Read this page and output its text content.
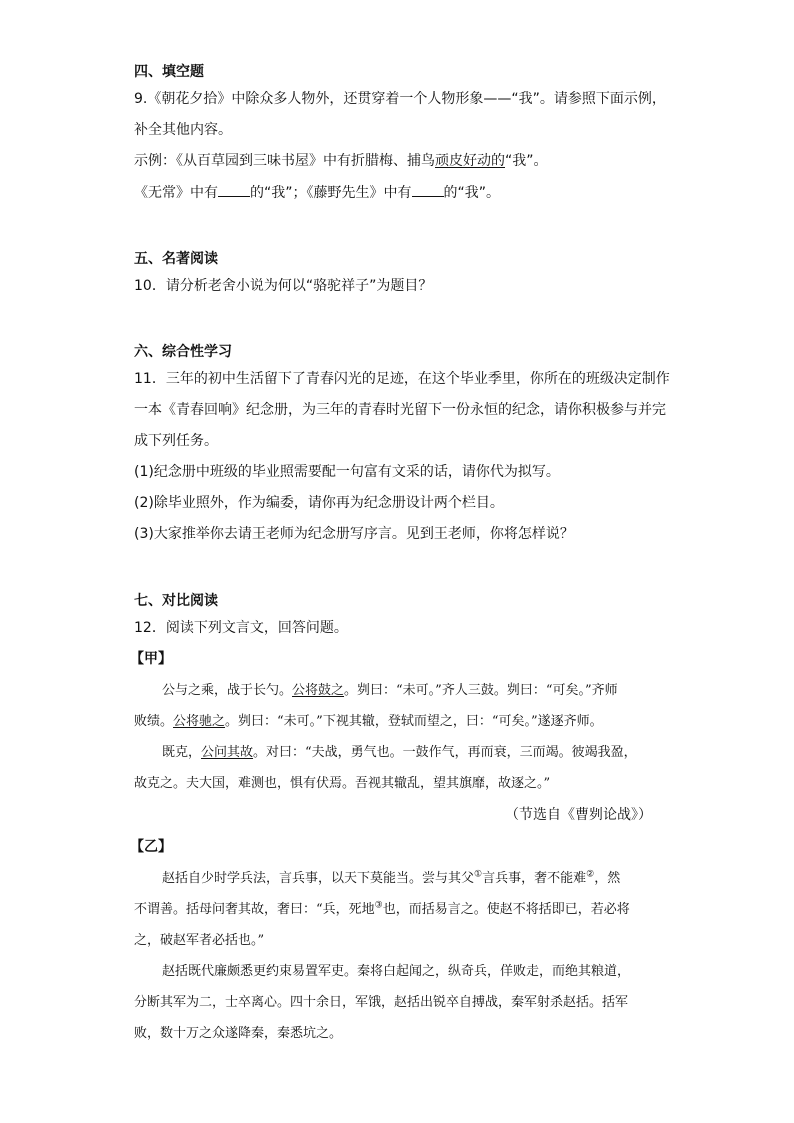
四、填空题
9.《朝花夕拾》中除众多人物外，还贯穿着一个人物形象——“我”。请参照下面示例，
补全其他内容。
示例：《从百草园到三味书屋》中有折腊梅、捕鸟顽皮好动的“我”。
《无常》中有 的“我”；《藤野先生》中有 的“我”。
五、名著阅读
10．请分析老舍小说为何以“骆驼祥子”为题目？
六、综合性学习
11．三年的初中生活留下了青春闪光的足迹，在这个毕业季里，你所在的班级决定制作
一本《青春回响》纪念册，为三年的青春时光留下一份永恒的纪念，请你积极参与并完
成下列任务。
(1)纪念册中班级的毕业照需要配一句富有文采的话，请你代为拟写。
(2)除毕业照外，作为编委，请你再为纪念册设计两个栏目。
(3)大家推举你去请王老师为纪念册写序言。见到王老师，你将怎样说？
七、对比阅读
12．阅读下列文言文，回答问题。
【甲】
公与之乘，战于长勺。公将鼓之。刿曰：“未可。”齐人三鼓。刿曰：“可矣。”齐师
败绩。公将驰之。刿曰：“未可。”下视其辙，登轼而望之，曰：“可矣。”遂逐齐师。
既克，公问其故。对曰：“夫战，勇气也。一鼓作气，再而衰，三而竭。彼竭我盈，
故克之。夫大国，难测也，惧有伏焉。吾视其辙乱，望其旗靡，故逐之。”
（节选自《曹刿论战》）
【乙】
赵括自少时学兵法，言兵事，以天下莫能当。尝与其父①言兵事，奢不能难②，然
不谓善。括母问奢其故，奢曰：“兵，死地③也，而括易言之。使赵不将括即已，若必将
之，破赵军者必括也。”
赵括既代廉颇悉更约束易置军吏。秦将白起闻之，纵奇兵，佯败走，而绝其粮道，
分断其军为二，士卒离心。四十余日，军饿，赵括出锐卒自搏战，秦军射杀赵括。括军
败，数十万之众遂降秦，秦悉坑之。
